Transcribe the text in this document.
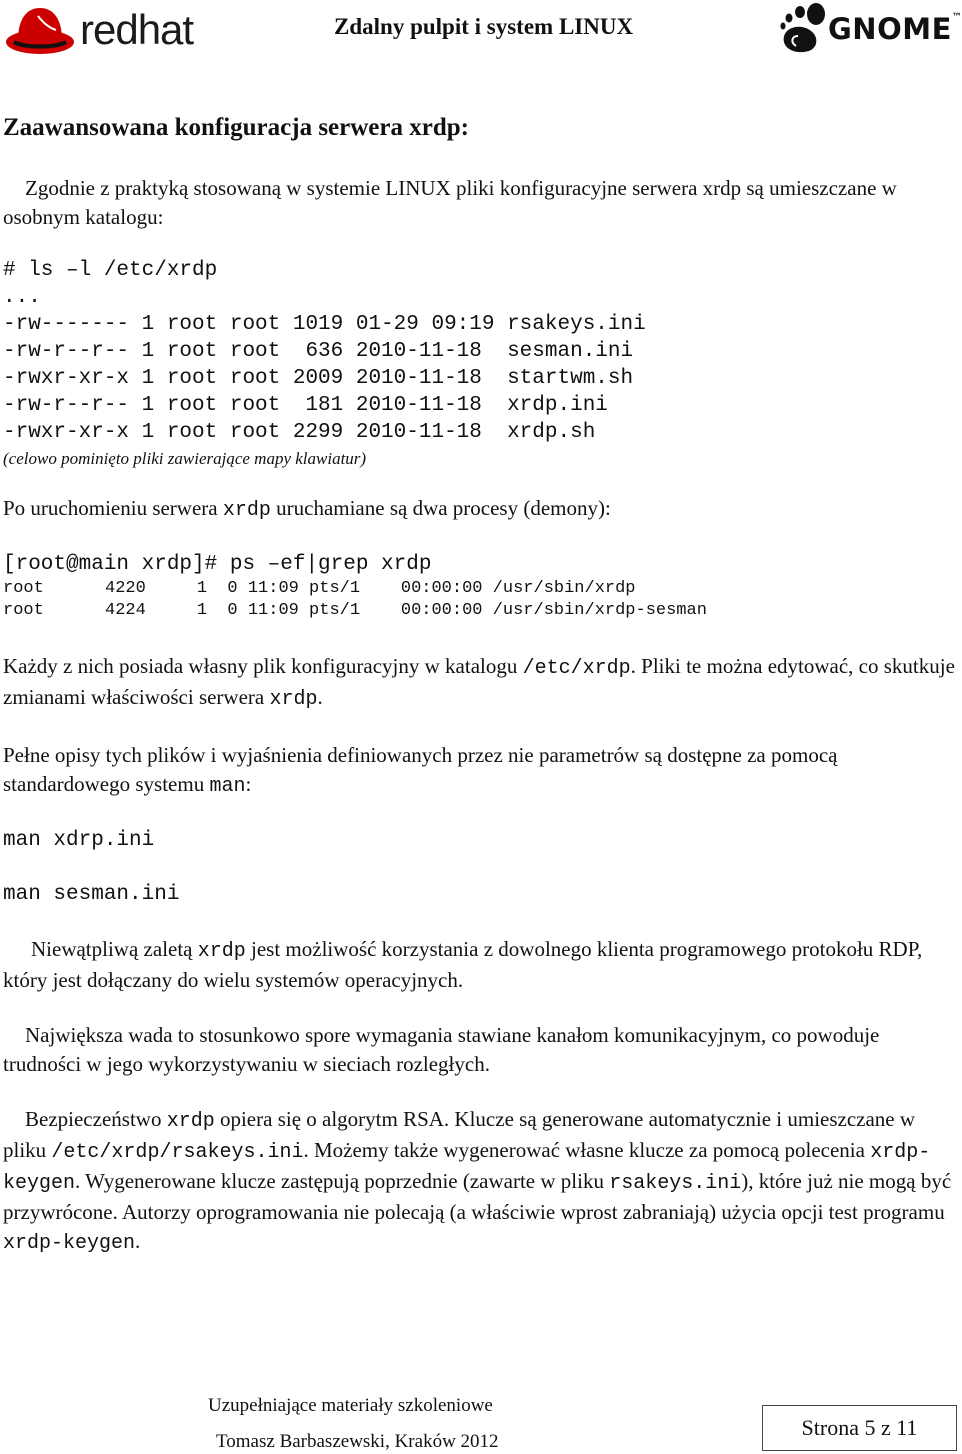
redhat	Zdalny pulpit i system LINUX	GNOME™
Zaawansowana konfiguracja serwera xrdp:

Zgodnie z praktyką stosowaną w systemie LINUX pliki konfiguracyjne serwera xrdp są umieszczane w osobnym katalogu:

# ls –l /etc/xrdp
...
-rw------- 1 root root 1019 01-29 09:19 rsakeys.ini
-rw-r--r-- 1 root root  636 2010-11-18  sesman.ini
-rwxr-xr-x 1 root root 2009 2010-11-18  startwm.sh
-rw-r--r-- 1 root root  181 2010-11-18  xrdp.ini
-rwxr-xr-x 1 root root 2299 2010-11-18  xrdp.sh
(celowo pominięto pliki zawierające mapy klawiatur)

Po uruchomieniu serwera xrdp uruchamiane są dwa procesy (demony):

[root@main xrdp]# ps –ef|grep xrdp
root      4220     1  0 11:09 pts/1    00:00:00 /usr/sbin/xrdp
root      4224     1  0 11:09 pts/1    00:00:00 /usr/sbin/xrdp-sesman

Każdy z nich posiada własny plik konfiguracyjny w katalogu /etc/xrdp. Pliki te można edytować, co skutkuje zmianami właściwości serwera xrdp.

Pełne opisy tych plików i wyjaśnienia definiowanych przez nie parametrów są dostępne za pomocą standardowego systemu man:

man xdrp.ini
man sesman.ini

Niewątpliwą zaletą xrdp jest możliwość korzystania z dowolnego klienta programowego protokołu RDP, który jest dołączany do wielu systemów operacyjnych.

Największa wada to stosunkowo spore wymagania stawiane kanałom komunikacyjnym, co powoduje trudności w jego wykorzystywaniu w sieciach rozległych.

Bezpieczeństwo xrdp opiera się o algorytm RSA. Klucze są generowane automatycznie i umieszczane w pliku /etc/xrdp/rsakeys.ini. Możemy także wygenerować własne klucze za pomocą polecenia xrdp-keygen. Wygenerowane klucze zastępują poprzednie (zawarte w pliku rsakeys.ini), które już nie mogą być przywrócone. Autorzy oprogramowania nie polecają (a właściwie wprost zabraniają) użycia opcji test programu xrdp-keygen.

Uzupełniające materiały szkoleniowe
Tomasz Barbaszewski, Kraków 2012
Strona 5 z 11
